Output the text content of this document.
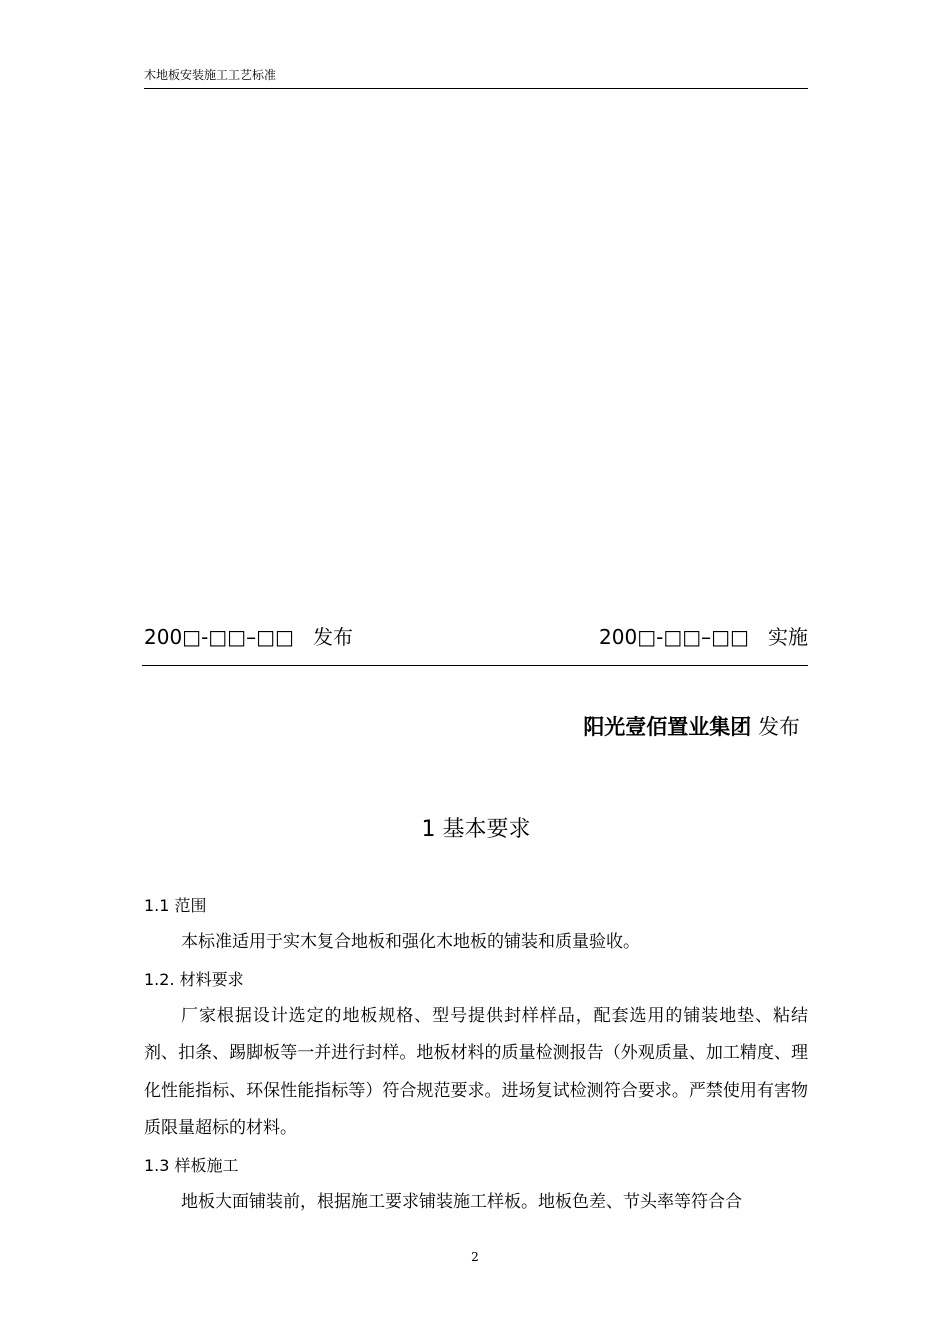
木地板安装施工工艺标准
200□-□□–□□ 发布	200□-□□–□□ 实施
阳光壹佰置业集团 发布
1 基本要求
1.1 范围

本标准适用于实木复合地板和强化木地板的铺装和质量验收。

1.2. 材料要求

厂家根据设计选定的地板规格、型号提供封样样品，配套选用的铺装地垫、粘结剂、扣条、踢脚板等一并进行封样。地板材料的质量检测报告（外观质量、加工精度、理化性能指标、环保性能指标等）符合规范要求。进场复试检测符合要求。严禁使用有害物质限量超标的材料。

1.3 样板施工

地板大面铺装前，根据施工要求铺装施工样板。地板色差、节头率等符合合

2
